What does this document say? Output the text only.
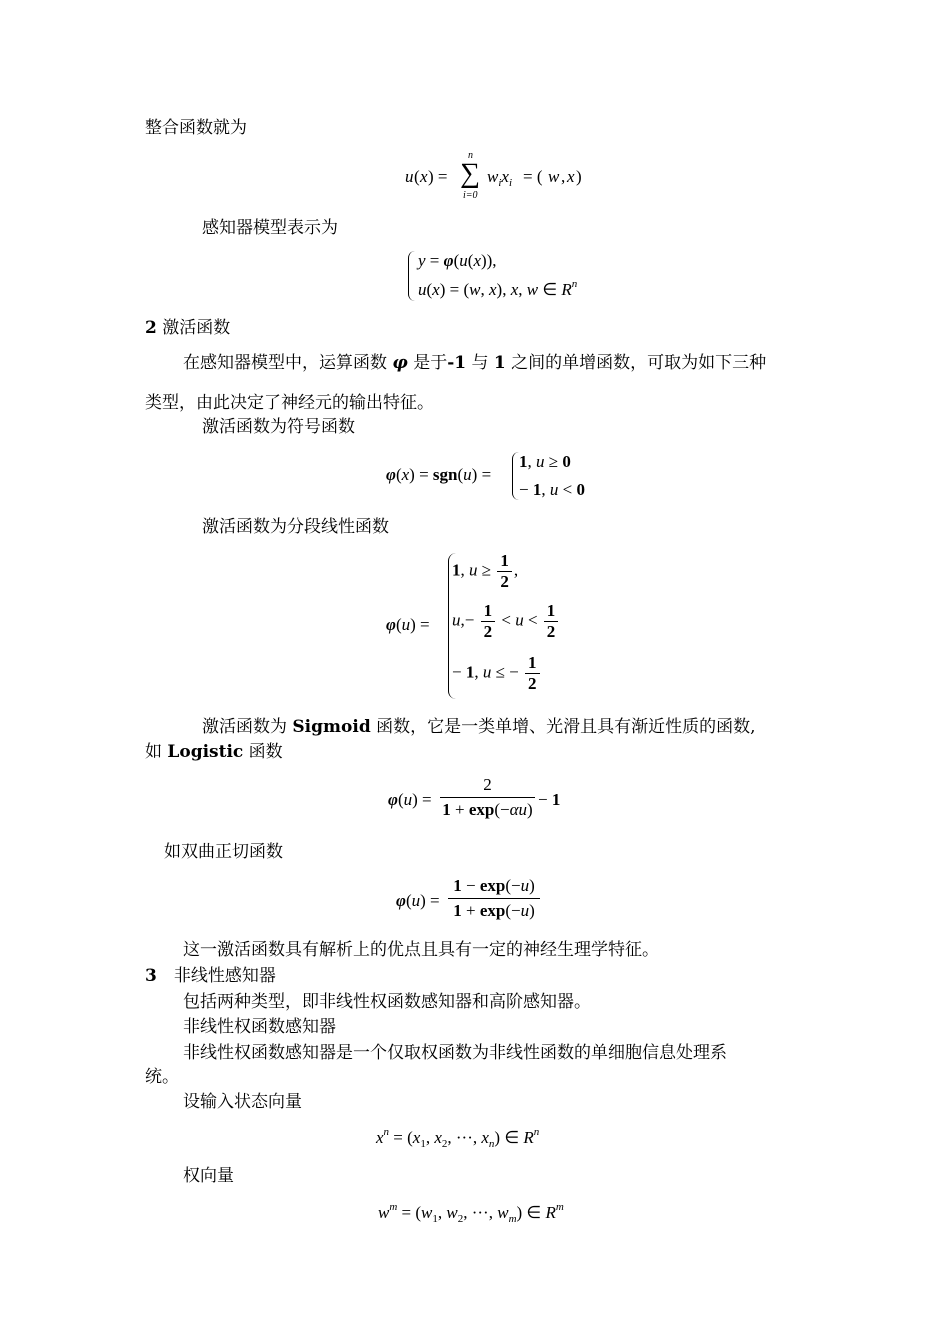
整合函数就为
u ( x ) =
n
∑
i=0
$w_ix_i$ = ( w , x )
感知器模型表示为
y = φ(u(x)),
u(x) = (w, x), x, w ∈ $R^n$
2 激活函数
在感知器模型中，运算函数 φ 是于-1 与 1 之间的单增函数，可取为如下三种
类型，由此决定了神经元的输出特征。
激活函数为符号函数
φ(x) = sgn(u) =
1, u ≥ 0
− 1, u < 0
激活函数为分段线性函数
φ(u) =
1, $u \ge \frac{1}{2}$ ,
$u,- \frac{1}{2} < u < \frac{1}{2}$
− 1, u ≤ − $\frac{1}{2}$
激活函数为 Sigmoid 函数，它是一类单增、光滑且具有渐近性质的函数,
如 Logistic 函数
φ(u) =
2
1 + exp(−αu)
− 1
如双曲正切函数
φ(u) =
1 − exp(−u)
1 + exp(−u)
这一激活函数具有解析上的优点且具有一定的神经生理学特征。
3　非线性感知器
包括两种类型，即非线性权函数感知器和高阶感知器。
非线性权函数感知器
非线性权函数感知器是一个仅取权函数为非线性函数的单细胞信息处理系
统。
设输入状态向量
$x^n = (x_1$, $x_2$, ···, $x_n$) ∈ $R^n$
权向量
$w^m = (w_1$, $w_2$, ···, $w_m$) ∈ $R^m$
